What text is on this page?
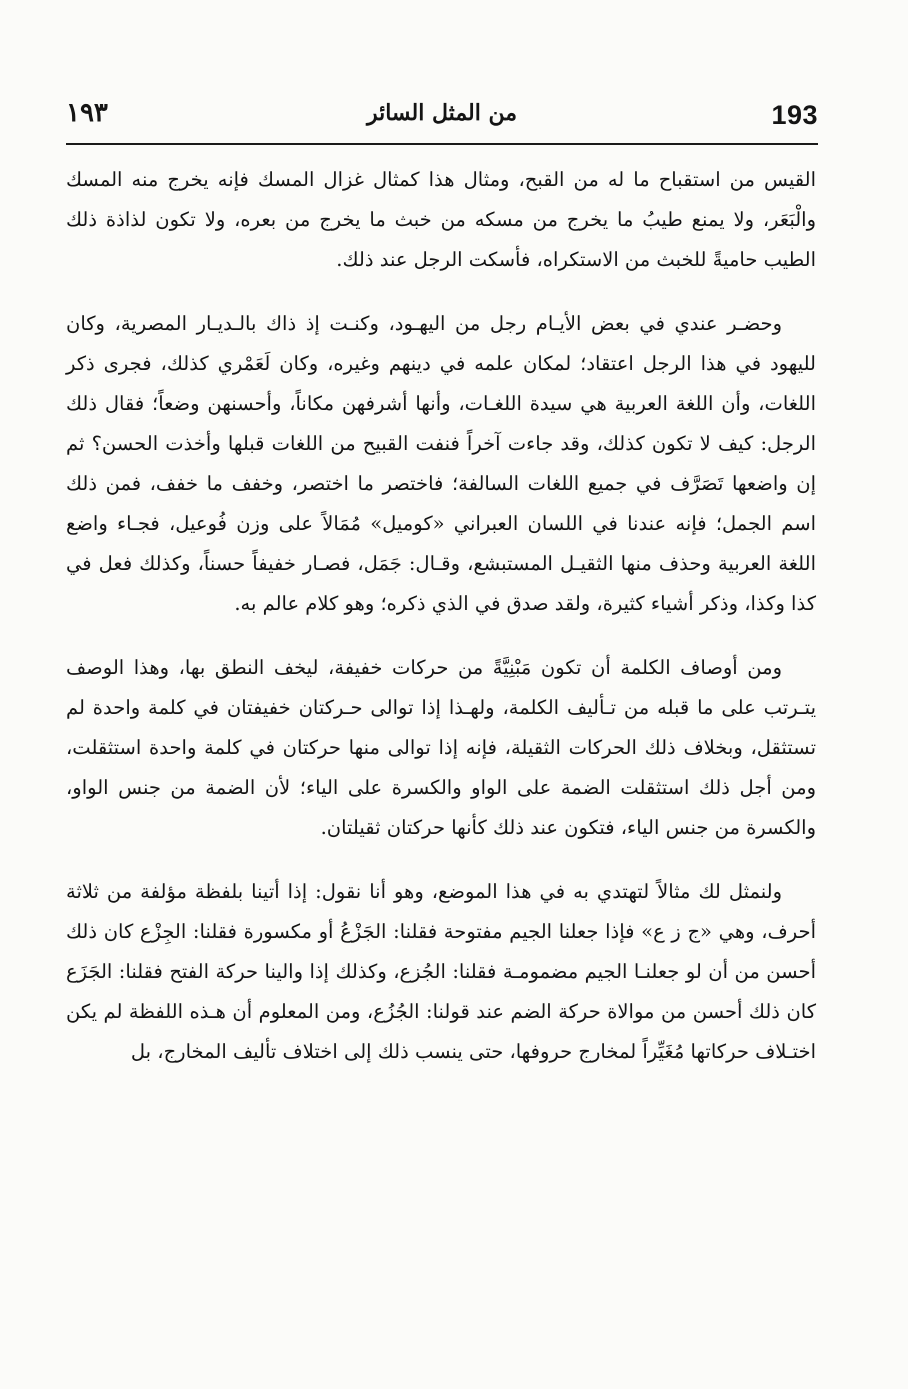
193
من المثل السائر
١٩٣

القيس من استقباح ما له من القبح، ومثال هذا كمثال غزال المسك فإنه يخرج منه المسك والْبَعَر، ولا يمنع طيبُ ما يخرج من مسكه من خبث ما يخرج من بعره، ولا تكون لذاذة ذلك الطيب حاميةً للخبث من الاستكراه، فأسكت الرجل عند ذلك.

وحضـر عندي في بعض الأيـام رجل من اليهـود، وكنـت إذ ذاك بالـديـار المصرية، وكان لليهود في هذا الرجل اعتقاد؛ لمكان علمه في دينهم وغيره، وكان لَعَمْري كذلك، فجرى ذكر اللغات، وأن اللغة العربية هي سيدة اللغـات، وأنها أشرفهن مكاناً، وأحسنهن وضعاً؛ فقال ذلك الرجل: كيف لا تكون كذلك، وقد جاءت آخراً فنفت القبيح من اللغات قبلها وأخذت الحسن؟ ثم إن واضعها تَصَرَّف في جميع اللغات السالفة؛ فاختصر ما اختصر، وخفف ما خفف، فمن ذلك اسم الجمل؛ فإنه عندنا في اللسان العبراني «كوميل» مُمَالاً على وزن فُوعيل، فجـاء واضع اللغة العربية وحذف منها الثقيـل المستبشع، وقـال: جَمَل، فصـار خفيفاً حسناً، وكذلك فعل في كذا وكذا، وذكر أشياء كثيرة، ولقد صدق في الذي ذكره؛ وهو كلام عالم به.

ومن أوصاف الكلمة أن تكون مَبْنِيَّةً من حركات خفيفة، ليخف النطق بها، وهذا الوصف يتـرتب على ما قبله من تـأليف الكلمة، ولهـذا إذا توالى حـركتان خفيفتان في كلمة واحدة لم تستثقل، وبخلاف ذلك الحركات الثقيلة، فإنه إذا توالى منها حركتان في كلمة واحدة استثقلت، ومن أجل ذلك استثقلت الضمة على الواو والكسرة على الياء؛ لأن الضمة من جنس الواو، والكسرة من جنس الياء، فتكون عند ذلك كأنها حركتان ثقيلتان.

ولنمثل لك مثالاً لتهتدي به في هذا الموضع، وهو أنا نقول: إذا أتينا بلفظة مؤلفة من ثلاثة أحرف، وهي «ج ز ع» فإذا جعلنا الجيم مفتوحة فقلنا: الجَزْعُ أو مكسورة فقلنا: الجِزْع كان ذلك أحسن من أن لو جعلنـا الجيم مضمومـة فقلنا: الجُزع، وكذلك إذا والينا حركة الفتح فقلنا: الجَزَع كان ذلك أحسن من موالاة حركة الضم عند قولنا: الجُزُع، ومن المعلوم أن هـذه اللفظة لم يكن اختـلاف حركاتها مُغَيِّراً لمخارج حروفها، حتى ينسب ذلك إلى اختلاف تأليف المخارج، بل
